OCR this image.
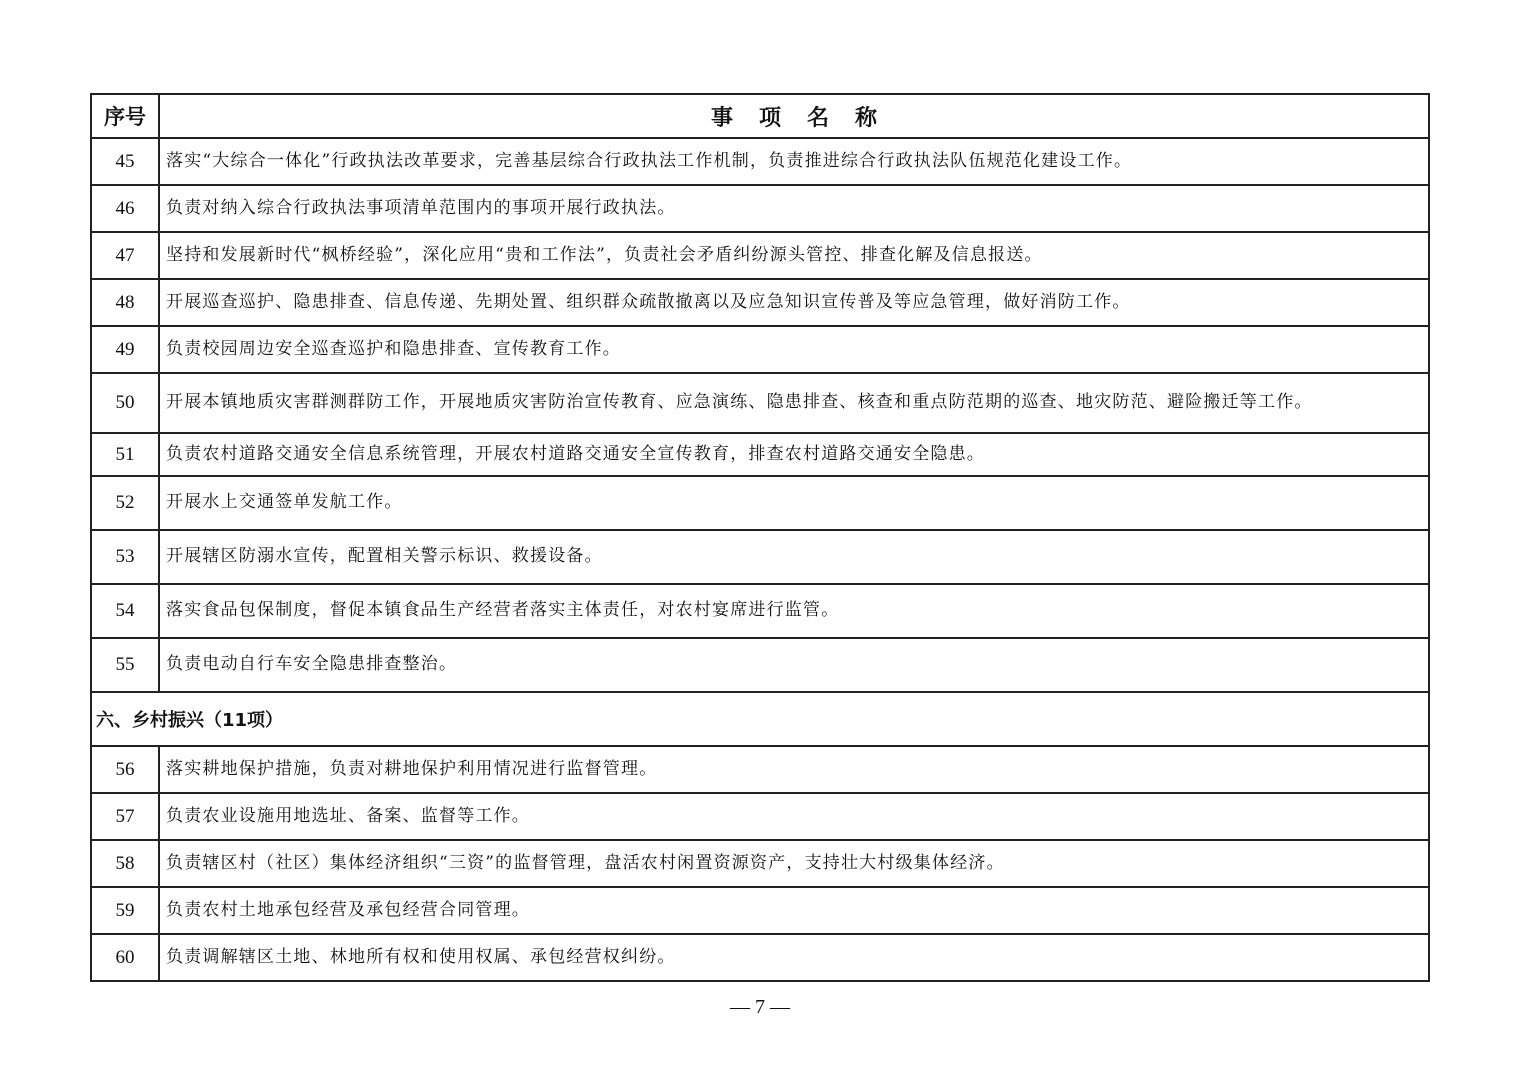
序号	事项名称
45	落实“大综合一体化”行政执法改革要求，完善基层综合行政执法工作机制，负责推进综合行政执法队伍规范化建设工作。
46	负责对纳入综合行政执法事项清单范围内的事项开展行政执法。
47	坚持和发展新时代“枫桥经验”，深化应用“贵和工作法”，负责社会矛盾纠纷源头管控、排查化解及信息报送。
48	开展巡查巡护、隐患排查、信息传递、先期处置、组织群众疏散撤离以及应急知识宣传普及等应急管理，做好消防工作。
49	负责校园周边安全巡查巡护和隐患排查、宣传教育工作。
50	开展本镇地质灾害群测群防工作，开展地质灾害防治宣传教育、应急演练、隐患排查、核查和重点防范期的巡查、地灾防范、避险搬迁等工作。
51	负责农村道路交通安全信息系统管理，开展农村道路交通安全宣传教育，排查农村道路交通安全隐患。
52	开展水上交通签单发航工作。
53	开展辖区防溺水宣传，配置相关警示标识、救援设备。
54	落实食品包保制度，督促本镇食品生产经营者落实主体责任，对农村宴席进行监管。
55	负责电动自行车安全隐患排查整治。
六、乡村振兴（11项）	
56	落实耕地保护措施，负责对耕地保护利用情况进行监督管理。
57	负责农业设施用地选址、备案、监督等工作。
58	负责辖区村（社区）集体经济组织“三资”的监督管理，盘活农村闲置资源资产，支持壮大村级集体经济。
59	负责农村土地承包经营及承包经营合同管理。
60	负责调解辖区土地、林地所有权和使用权属、承包经营权纠纷。
— 7 —
